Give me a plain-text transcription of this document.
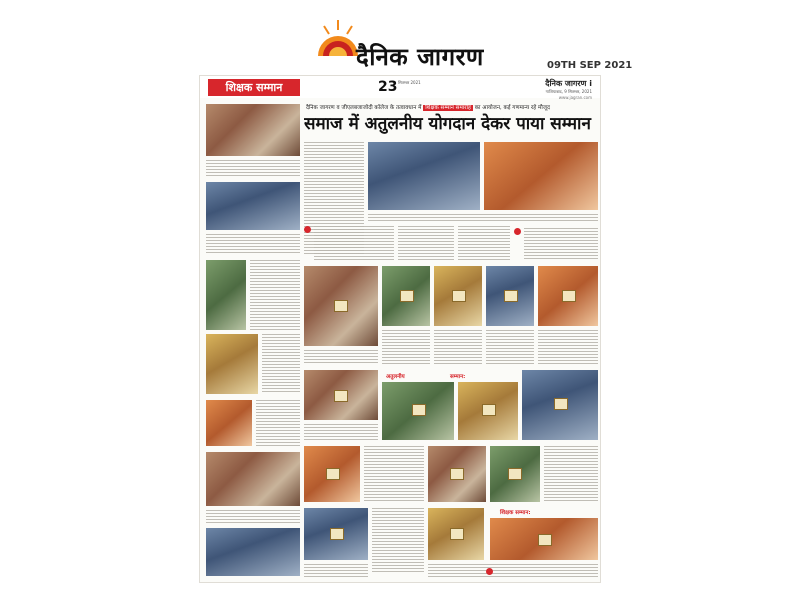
दैनिक जागरण	09TH SEP 2021
शिक्षक सम्मान	23 सितम्बर 2021	दैनिक जागरण i
गाजियाबाद, 9 सितम्बर, 2021
www.jagran.com
दैनिक जागरण व जीएलबजाजोदी कॉलेज के तत्वावधान में शिक्षक सम्मान समारोह का आयोजन, कई गणमान्य रहे मौजूद
समाज में अतुलनीय योगदान देकर पाया सम्मान
अतुलनीय	सम्मान:
शिक्षक सम्मान:
